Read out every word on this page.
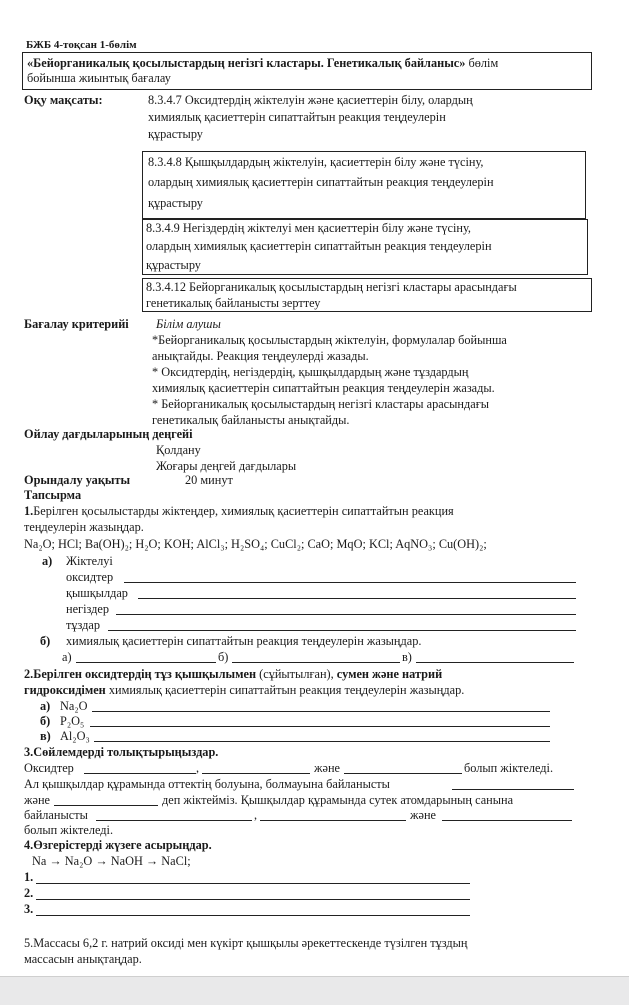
БЖБ 4-тоқсан 1-бөлім
«Бейорганикалық қосылыстардың негізгі кластары. Генетикалық байланыс» бөлім
бойынша жиынтық бағалау
Оқу мақсаты:	8.3.4.7 Оксидтердің жіктелуін және қасиеттерін білу, олардың
химиялық қасиеттерін сипаттайтын реакция теңдеулерін
құрастыру
8.3.4.8 Қышқылдардың жіктелуін, қасиеттерін білу және түсіну,
олардың химиялық қасиеттерін сипаттайтын реакция теңдеулерін
құрастыру
8.3.4.9 Негіздердің жіктелуі мен қасиеттерін білу және түсіну,
олардың химиялық қасиеттерін сипаттайтын реакция теңдеулерін
құрастыру
8.3.4.12 Бейорганикалық қосылыстардың негізгі кластары арасындағы
генетикалық байланысты зерттеу
Бағалау критерийі Білім алушы
*Бейорганикалық қосылыстардың жіктелуін, формулалар бойынша
анықтайды. Реакция теңдеулерді жазады.
* Оксидтердің, негіздердің, қышқылдардың және тұздардың
химиялық қасиеттерін сипаттайтын реакция теңдеулерін жазады.
* Бейорганикалық қосылыстардың негізгі кластары арасындағы
генетикалық байланысты анықтайды.
Ойлау дағдыларының деңгейі
Қолдану
Жоғары деңгей дағдылары
Орындалу уақыты	20 минут
Тапсырма
1.Берілген қосылыстарды жіктеңдер, химиялық қасиеттерін сипаттайтын реакция
теңдеулерін жазыңдар.
Na₂O; HCl; Ba(OH)₂; H₂O; KOH; AlCl₃; H₂SO₄; CuCl₂; CaO; MqO; KCl; AqNO₃; Cu(OH)₂;
а) Жіктелуі
оксидтер
қышқылдар
негіздер
тұздар
б) химиялық қасиеттерін сипаттайтын реакция теңдеулерін жазыңдар.
а)	б)	в)
2.Берілген оксидтердің тұз қышқылымен (сұйытылған), сумен және натрий
гидроксидімен химиялық қасиеттерін сипаттайтын реакция теңдеулерін жазыңдар.
а) Na₂O
б) P₂O₅
в) Al₂O₃
3.Сөйлемдерді толықтырыңыздар.
Оксидтер	,	және	болып жіктеледі.
Ал қышқылдар құрамында оттектің болуына, болмауына байланысты
және	деп жіктейміз. Қышқылдар құрамында сутек атомдарының санына
байланысты	,	және
болып жіктеледі.
4.Өзгерістерді жүзеге асырыңдар.
Na → Na₂O → NaOH → NaCl;
1.
2.
3.
5.Массасы 6,2 г. натрий оксиді мен күкірт қышқылы әрекеттескенде түзілген тұздың
массасын анықтаңдар.
